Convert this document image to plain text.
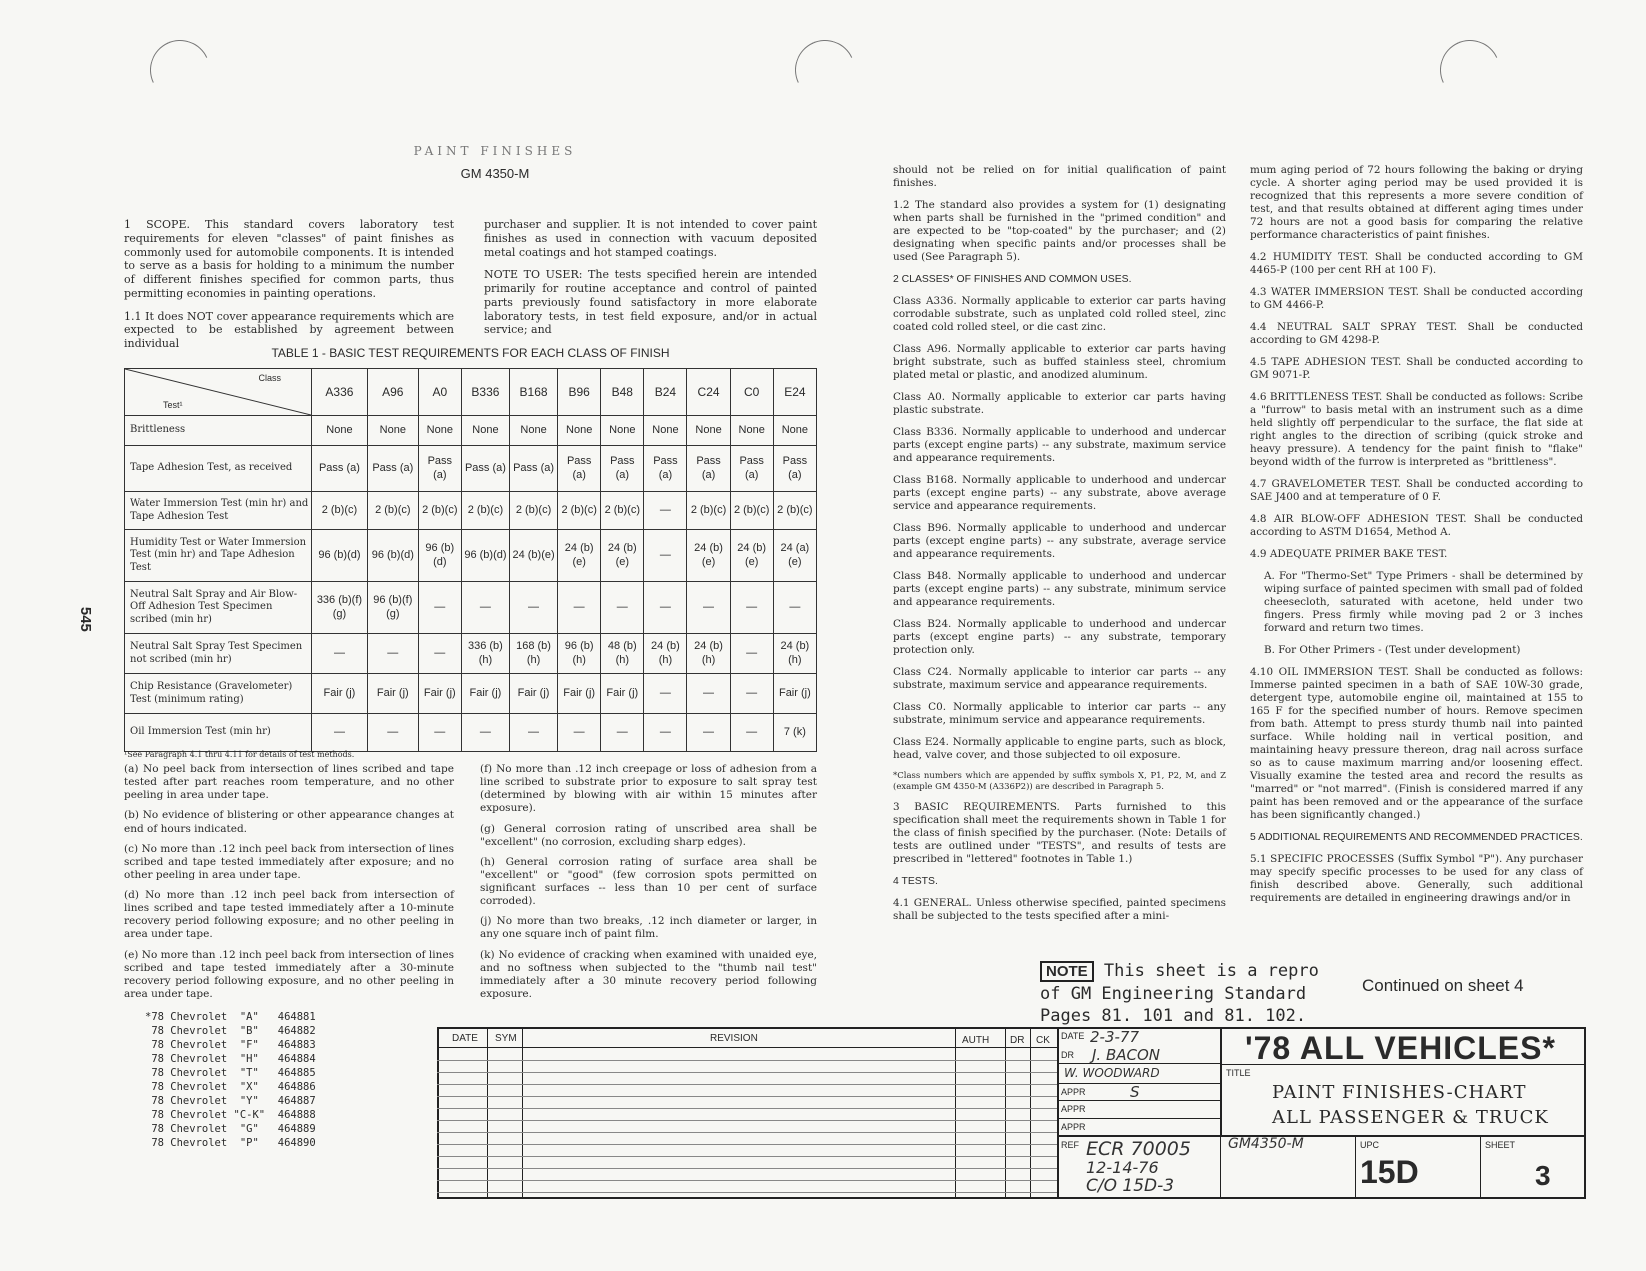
PAINT FINISHES
GM 4350-M
545

1 SCOPE. This standard covers laboratory test requirements for eleven "classes" of paint finishes as commonly used for automobile components. It is intended to serve as a basis for holding to a minimum the number of different finishes specified for common parts, thus permitting economies in painting operations.

1.1 It does NOT cover appearance requirements which are expected to be established by agreement between individual

purchaser and supplier. It is not intended to cover paint finishes as used in connection with vacuum deposited metal coatings and hot stamped coatings.

NOTE TO USER: The tests specified herein are intended primarily for routine acceptance and control of painted parts previously found satisfactory in more elaborate laboratory tests, in test field exposure, and/or in actual service; and

TABLE 1 - BASIC TEST REQUIREMENTS FOR EACH CLASS OF FINISH
Class
Test¹	A336	A96	A0	B336	B168	B96	B48	B24	C24	C0	E24
Brittleness	None	None	None	None	None	None	None	None	None	None	None
Tape Adhesion Test, as received	Pass (a)	Pass (a)	Pass (a)	Pass (a)	Pass (a)	Pass (a)	Pass (a)	Pass (a)	Pass (a)	Pass (a)	Pass (a)
Water Immersion Test (min hr) and Tape Adhesion Test	2 (b)(c)	2 (b)(c)	2 (b)(c)	2 (b)(c)	2 (b)(c)	2 (b)(c)	2 (b)(c)	—	2 (b)(c)	2 (b)(c)	2 (b)(c)
Humidity Test or Water Immersion Test (min hr) and Tape Adhesion Test	96 (b)(d)	96 (b)(d)	96 (b)(d)	96 (b)(d)	24 (b)(e)	24 (b)(e)	24 (b)(e)	—	24 (b)(e)	24 (b)(e)	24 (a)(e)
Neutral Salt Spray and Air Blow-Off Adhesion Test Specimen scribed (min hr)	336 (b)(f)(g)	96 (b)(f)(g)	—	—	—	—	—	—	—	—	—
Neutral Salt Spray Test Specimen not scribed (min hr)	—	—	—	336 (b)(h)	168 (b)(h)	96 (b)(h)	48 (b)(h)	24 (b)(h)	24 (b)(h)	—	24 (b)(h)
Chip Resistance (Gravelometer) Test (minimum rating)	Fair (j)	Fair (j)	Fair (j)	Fair (j)	Fair (j)	Fair (j)	Fair (j)	—	—	—	Fair (j)
Oil Immersion Test (min hr)	—	—	—	—	—	—	—	—	—	—	7 (k)
¹See Paragraph 4.1 thru 4.11 for details of test methods.

(a) No peel back from intersection of lines scribed and tape tested after part reaches room temperature, and no other peeling in area under tape.

(b) No evidence of blistering or other appearance changes at end of hours indicated.

(c) No more than .12 inch peel back from intersection of lines scribed and tape tested immediately after exposure; and no other peeling in area under tape.

(d) No more than .12 inch peel back from intersection of lines scribed and tape tested immediately after a 10-minute recovery period following exposure; and no other peeling in area under tape.

(e) No more than .12 inch peel back from intersection of lines scribed and tape tested immediately after a 30-minute recovery period following exposure, and no other peeling in area under tape.

(f) No more than .12 inch creepage or loss of adhesion from a line scribed to substrate prior to exposure to salt spray test (determined by blowing with air within 15 minutes after exposure).

(g) General corrosion rating of unscribed area shall be "excellent" (no corrosion, excluding sharp edges).

(h) General corrosion rating of surface area shall be "excellent" or "good" (few corrosion spots permitted on significant surfaces -- less than 10 per cent of surface corroded).

(j) No more than two breaks, .12 inch diameter or larger, in any one square inch of paint film.

(k) No evidence of cracking when examined with unaided eye, and no softness when subjected to the "thumb nail test" immediately after a 30 minute recovery period following exposure.

should not be relied on for initial qualification of paint finishes.

1.2 The standard also provides a system for (1) designating when parts shall be furnished in the "primed condition" and are expected to be "top-coated" by the purchaser; and (2) designating when specific paints and/or processes shall be used (See Paragraph 5).

2 CLASSES* OF FINISHES AND COMMON USES.

Class A336. Normally applicable to exterior car parts having corrodable substrate, such as unplated cold rolled steel, zinc coated cold rolled steel, or die cast zinc.

Class A96. Normally applicable to exterior car parts having bright substrate, such as buffed stainless steel, chromium plated metal or plastic, and anodized aluminum.

Class A0. Normally applicable to exterior car parts having plastic substrate.

Class B336. Normally applicable to underhood and undercar parts (except engine parts) -- any substrate, maximum service and appearance requirements.

Class B168. Normally applicable to underhood and undercar parts (except engine parts) -- any substrate, above average service and appearance requirements.

Class B96. Normally applicable to underhood and undercar parts (except engine parts) -- any substrate, average service and appearance requirements.

Class B48. Normally applicable to underhood and undercar parts (except engine parts) -- any substrate, minimum service and appearance requirements.

Class B24. Normally applicable to underhood and undercar parts (except engine parts) -- any substrate, temporary protection only.

Class C24. Normally applicable to interior car parts -- any substrate, maximum service and appearance requirements.

Class C0. Normally applicable to interior car parts -- any substrate, minimum service and appearance requirements.

Class E24. Normally applicable to engine parts, such as block, head, valve cover, and those subjected to oil exposure.

*Class numbers which are appended by suffix symbols X, P1, P2, M, and Z (example GM 4350-M (A336P2)) are described in Paragraph 5.

3 BASIC REQUIREMENTS. Parts furnished to this specification shall meet the requirements shown in Table 1 for the class of finish specified by the purchaser. (Note: Details of tests are outlined under "TESTS", and results of tests are prescribed in "lettered" footnotes in Table 1.)

4 TESTS.

4.1 GENERAL. Unless otherwise specified, painted specimens shall be subjected to the tests specified after a mini-

mum aging period of 72 hours following the baking or drying cycle. A shorter aging period may be used provided it is recognized that this represents a more severe condition of test, and that results obtained at different aging times under 72 hours are not a good basis for comparing the relative performance characteristics of paint finishes.

4.2 HUMIDITY TEST. Shall be conducted according to GM 4465-P (100 per cent RH at 100 F).

4.3 WATER IMMERSION TEST. Shall be conducted according to GM 4466-P.

4.4 NEUTRAL SALT SPRAY TEST. Shall be conducted according to GM 4298-P.

4.5 TAPE ADHESION TEST. Shall be conducted according to GM 9071-P.

4.6 BRITTLENESS TEST. Shall be conducted as follows: Scribe a "furrow" to basis metal with an instrument such as a dime held slightly off perpendicular to the surface, the flat side at right angles to the direction of scribing (quick stroke and heavy pressure). A tendency for the paint finish to "flake" beyond width of the furrow is interpreted as "brittleness".

4.7 GRAVELOMETER TEST. Shall be conducted according to SAE J400 and at temperature of 0 F.

4.8 AIR BLOW-OFF ADHESION TEST. Shall be conducted according to ASTM D1654, Method A.

4.9 ADEQUATE PRIMER BAKE TEST.

A. For "Thermo-Set" Type Primers - shall be determined by wiping surface of painted specimen with small pad of folded cheesecloth, saturated with acetone, held under two fingers. Press firmly while moving pad 2 or 3 inches forward and return two times.

B. For Other Primers - (Test under development)

4.10 OIL IMMERSION TEST. Shall be conducted as follows: Immerse painted specimen in a bath of SAE 10W-30 grade, detergent type, automobile engine oil, maintained at 155 to 165 F for the specified number of hours. Remove specimen from bath. Attempt to press sturdy thumb nail into painted surface. While holding nail in vertical position, and maintaining heavy pressure thereon, drag nail across surface so as to cause maximum marring and/or loosening effect. Visually examine the tested area and record the results as "marred" or "not marred". (Finish is considered marred if any paint has been removed and or the appearance of the surface has been significantly changed.)

5 ADDITIONAL REQUIREMENTS AND RECOMMENDED PRACTICES.

5.1 SPECIFIC PROCESSES (Suffix Symbol "P"). Any purchaser may specify specific processes to be used for any class of finish described above. Generally, such additional requirements are detailed in engineering drawings and/or in

*78 Chevrolet  "A"   464881
78 Chevrolet  "B"   464882
78 Chevrolet  "F"   464883
78 Chevrolet  "H"   464884
78 Chevrolet  "T"   464885
78 Chevrolet  "X"   464886
78 Chevrolet  "Y"   464887
78 Chevrolet "C-K"  464888
78 Chevrolet  "G"   464889
78 Chevrolet  "P"   464890
NOTE This sheet is a repro
of GM Engineering Standard
Pages 81. 101 and 81. 102.
Continued on sheet 4
DATE SYM	REVISION	AUTH DR CK DATE 2-3-77
DR J. BACON
W. WOODWARD
APPR	S
APPR
APPR
REF ECR 70005
12-14-76
C/O 15D-3
'78 ALL VEHICLES*
TITLE
PAINT FINISHES-CHART
ALL PASSENGER & TRUCK
GM4350-M	UPC
15D
SHEET
3
